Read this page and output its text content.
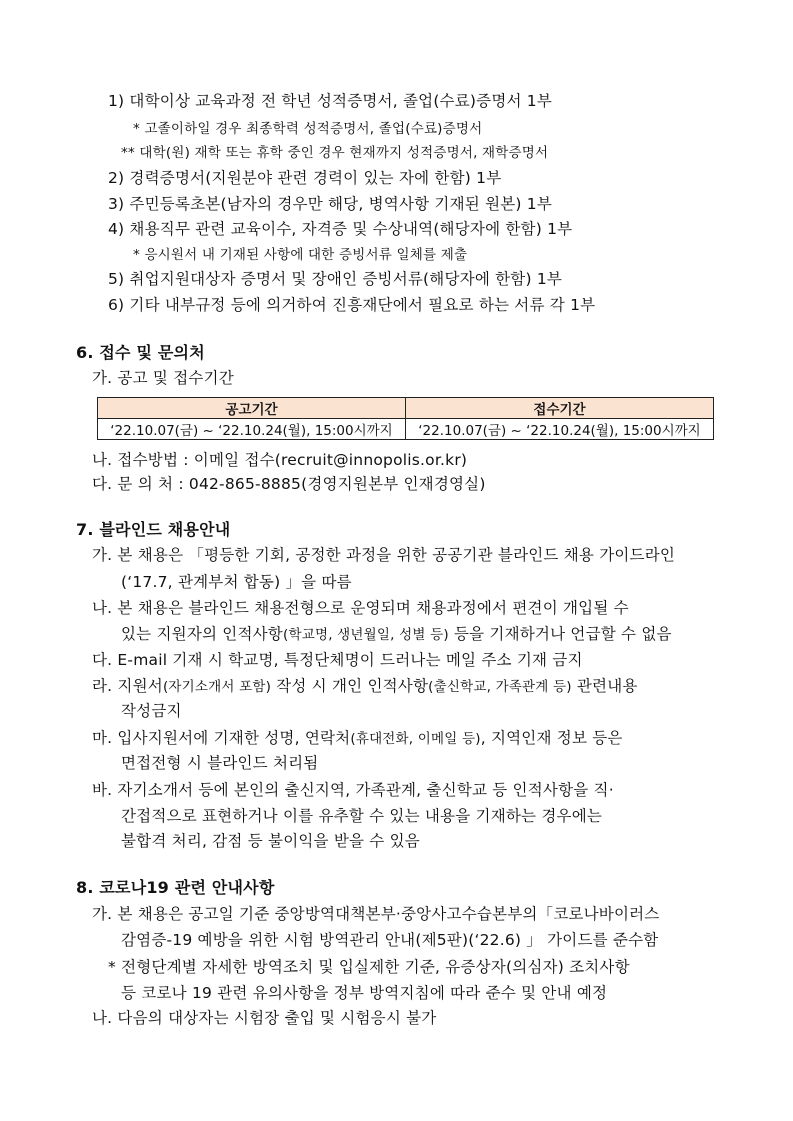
1) 대학이상 교육과정 전 학년 성적증명서, 졸업(수료)증명서 1부
* 고졸이하일 경우 최종학력 성적증명서, 졸업(수료)증명서
** 대학(원) 재학 또는 휴학 중인 경우 현재까지 성적증명서, 재학증명서
2) 경력증명서(지원분야 관련 경력이 있는 자에 한함) 1부
3) 주민등록초본(남자의 경우만 해당, 병역사항 기재된 원본) 1부
4) 채용직무 관련 교육이수, 자격증 및 수상내역(해당자에 한함) 1부
* 응시원서 내 기재된 사항에 대한 증빙서류 일체를 제출
5) 취업지원대상자 증명서 및 장애인 증빙서류(해당자에 한함) 1부
6) 기타 내부규정 등에 의거하여 진흥재단에서 필요로 하는 서류 각 1부
6. 접수 및 문의처
가. 공고 및 접수기간
공고기간	접수기간
‘22.10.07(금) ~ ‘22.10.24(월), 15:00시까지	‘22.10.07(금) ~ ‘22.10.24(월), 15:00시까지
나. 접수방법 : 이메일 접수(recruit@innopolis.or.kr)
다. 문 의 처 : 042-865-8885(경영지원본부 인재경영실)
7. 블라인드 채용안내
가. 본 채용은 「평등한 기회, 공정한 과정을 위한 공공기관 블라인드 채용 가이드라인
(‘17.7, 관계부처 합동) 」을 따름
나. 본 채용은 블라인드 채용전형으로 운영되며 채용과정에서 편견이 개입될 수
있는 지원자의 인적사항(학교명, 생년월일, 성별 등) 등을 기재하거나 언급할 수 없음
다. E-mail 기재 시 학교명, 특정단체명이 드러나는 메일 주소 기재 금지
라. 지원서(자기소개서 포함) 작성 시 개인 인적사항(출신학교, 가족관계 등) 관련내용
작성금지
마. 입사지원서에 기재한 성명, 연락처(휴대전화, 이메일 등), 지역인재 정보 등은
면접전형 시 블라인드 처리됨
바. 자기소개서 등에 본인의 출신지역, 가족관계, 출신학교 등 인적사항을 직·
간접적으로 표현하거나 이를 유추할 수 있는 내용을 기재하는 경우에는
불합격 처리, 감점 등 불이익을 받을 수 있음
8. 코로나19 관련 안내사항
가. 본 채용은 공고일 기준 중앙방역대책본부·중앙사고수습본부의「코로나바이러스
감염증-19 예방을 위한 시험 방역관리 안내(제5판)(‘22.6) 」 가이드를 준수함
* 전형단계별 자세한 방역조치 및 입실제한 기준, 유증상자(의심자) 조치사항
등 코로나 19 관련 유의사항을 정부 방역지침에 따라 준수 및 안내 예정
나. 다음의 대상자는 시험장 출입 및 시험응시 불가
